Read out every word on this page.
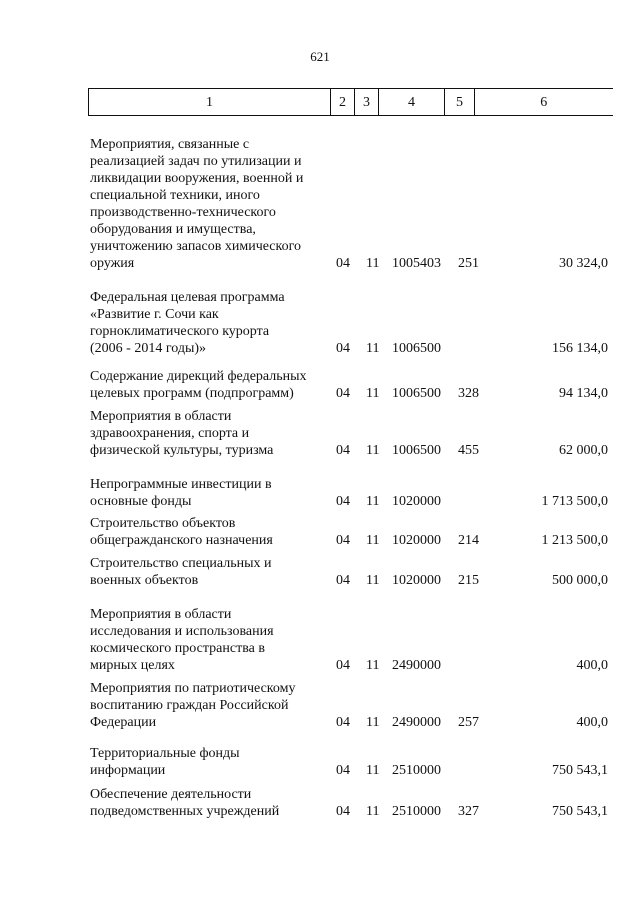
621
1	2	3	4	5	6
Мероприятия, связанные с
реализацией задач по утилизации и
ликвидации вооружения, военной и
специальной техники, иного
производственно-технического
оборудования и имущества,
уничтожению запасов химического
оружия	04 11 1005403 251	30 324,0
Федеральная целевая программа
«Развитие г. Сочи как
горноклиматического курорта
(2006 - 2014 годы)»	04 11 1006500	156 134,0
Содержание дирекций федеральных
целевых программ (подпрограмм)	04 11 1006500 328	94 134,0
Мероприятия в области
здравоохранения, спорта и
физической культуры, туризма	04 11 1006500 455	62 000,0
Непрограммные инвестиции в
основные фонды	04 11 1020000	1 713 500,0
Строительство объектов
общегражданского назначения	04 11 1020000 214	1 213 500,0
Строительство специальных и
военных объектов	04 11 1020000 215	500 000,0
Мероприятия в области
исследования и использования
космического пространства в
мирных целях	04 11 2490000	400,0
Мероприятия по патриотическому
воспитанию граждан Российской
Федерации	04 11 2490000 257	400,0
Территориальные фонды
информации	04 11 2510000	750 543,1
Обеспечение деятельности
подведомственных учреждений	04 11 2510000 327	750 543,1
